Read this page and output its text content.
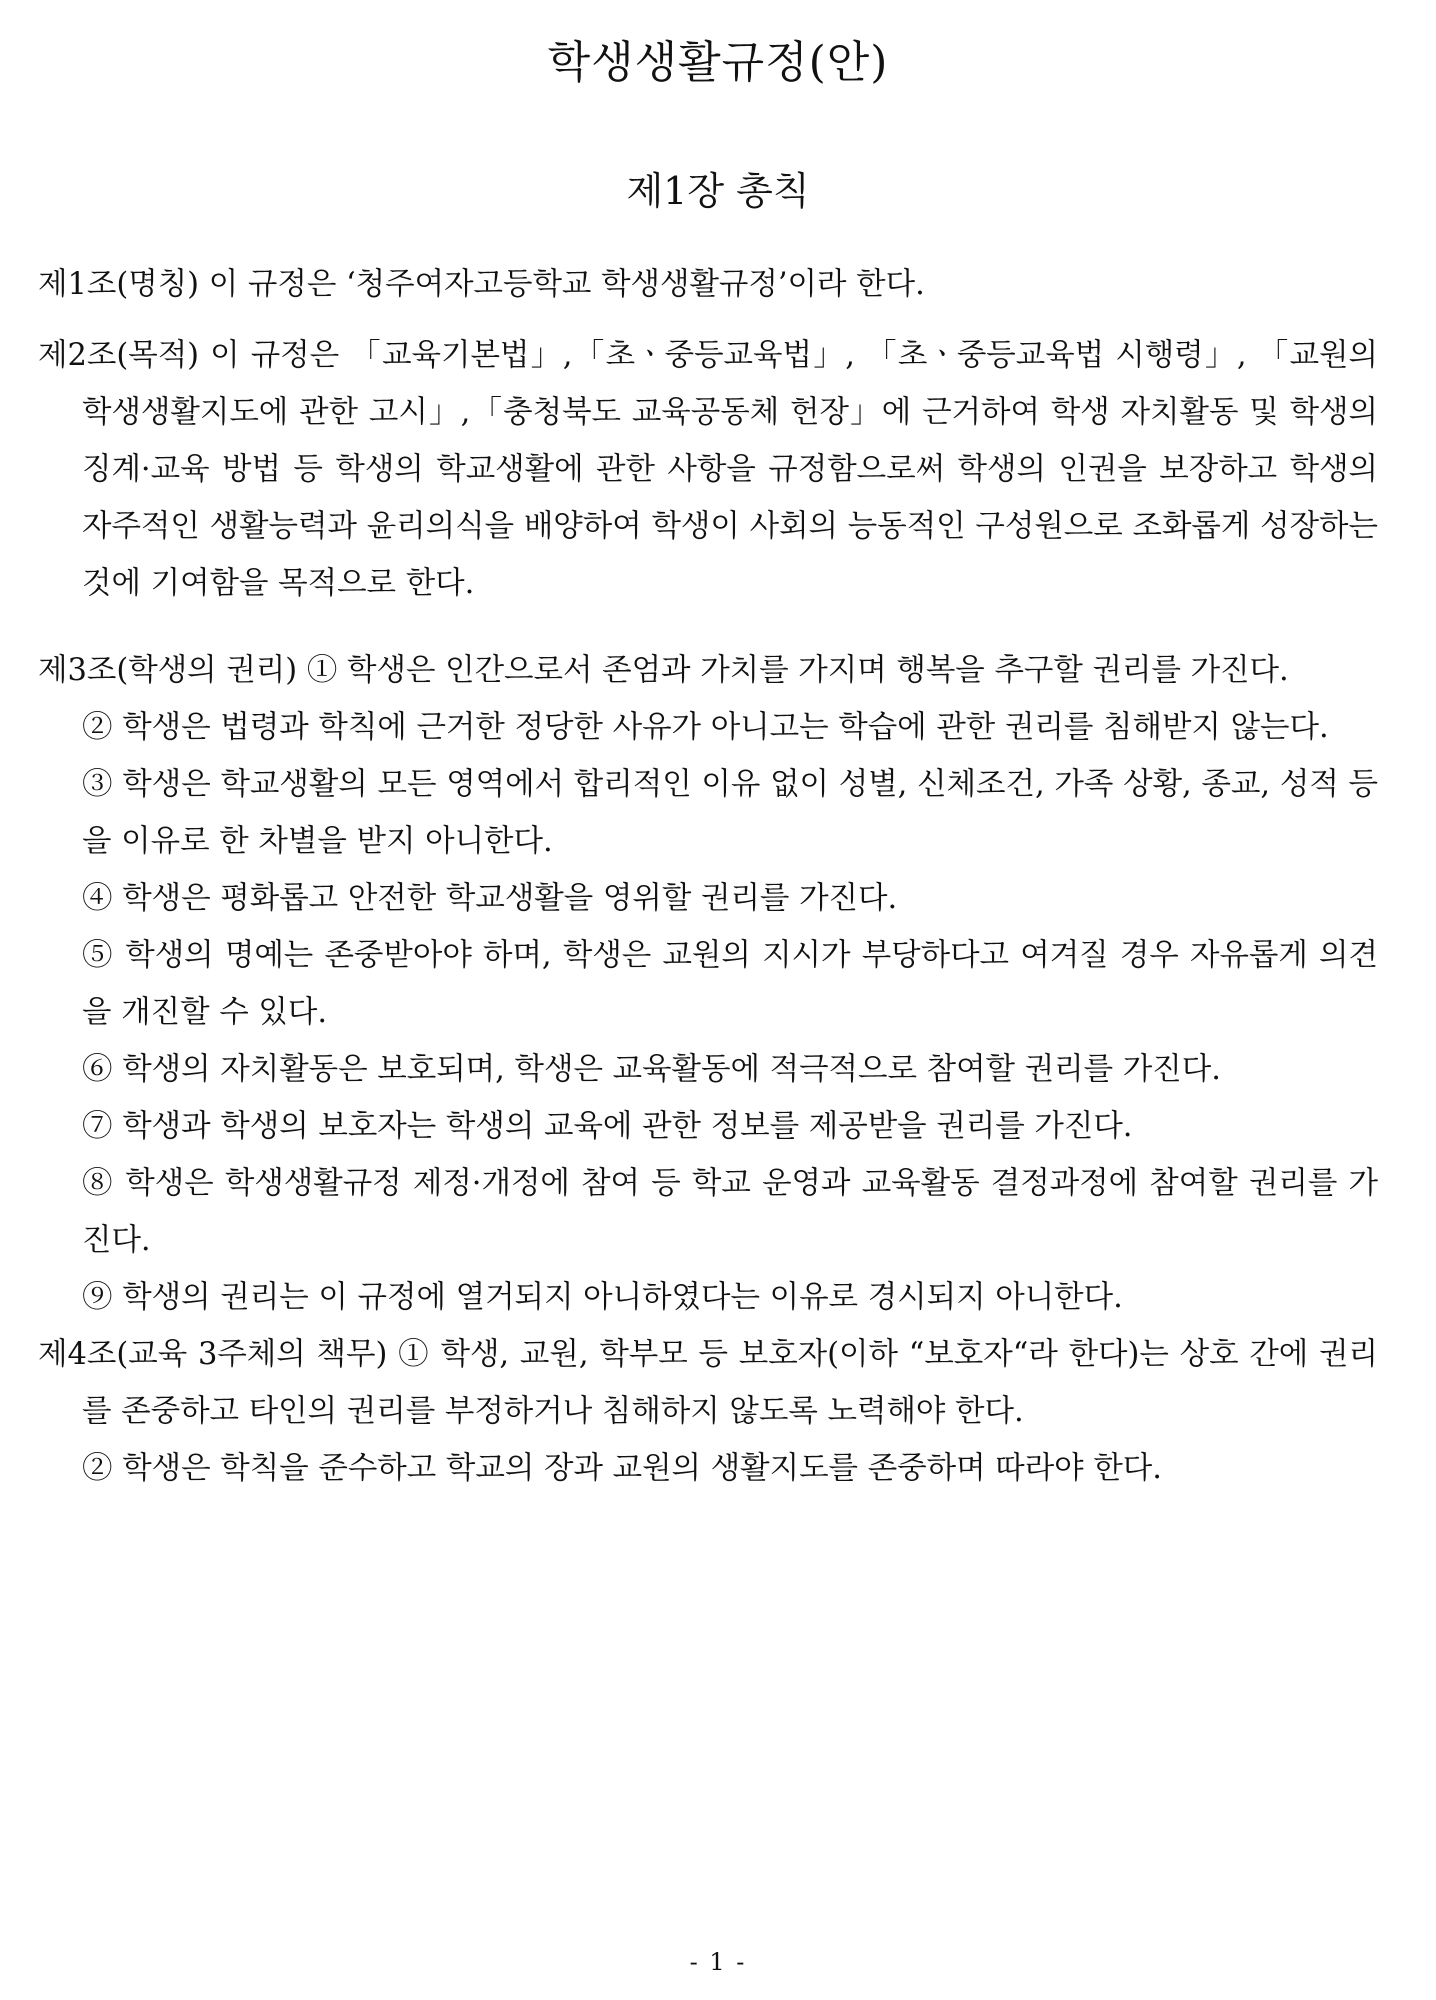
학생생활규정(안)
제1장 총칙

제1조(명칭) 이 규정은 ‘청주여자고등학교 학생생활규정’이라 한다.

제2조(목적) 이 규정은 「교육기본법」,「초ㆍ중등교육법」, 「초ㆍ중등교육법 시행령」, 「교원의 학생생활지도에 관한 고시」,「충청북도 교육공동체 헌장」에 근거하여 학생 자치활동 및 학생의 징계·교육 방법 등 학생의 학교생활에 관한 사항을 규정함으로써 학생의 인권을 보장하고 학생의 자주적인 생활능력과 윤리의식을 배양하여 학생이 사회의 능동적인 구성원으로 조화롭게 성장하는 것에 기여함을 목적으로 한다.

제3조(학생의 권리) ① 학생은 인간으로서 존엄과 가치를 가지며 행복을 추구할 권리를 가진다.

② 학생은 법령과 학칙에 근거한 정당한 사유가 아니고는 학습에 관한 권리를 침해받지 않는다.

③ 학생은 학교생활의 모든 영역에서 합리적인 이유 없이 성별, 신체조건, 가족 상황, 종교, 성적 등을 이유로 한 차별을 받지 아니한다.

④ 학생은 평화롭고 안전한 학교생활을 영위할 권리를 가진다.

⑤ 학생의 명예는 존중받아야 하며, 학생은 교원의 지시가 부당하다고 여겨질 경우 자유롭게 의견을 개진할 수 있다.

⑥ 학생의 자치활동은 보호되며, 학생은 교육활동에 적극적으로 참여할 권리를 가진다.

⑦ 학생과 학생의 보호자는 학생의 교육에 관한 정보를 제공받을 권리를 가진다.

⑧ 학생은 학생생활규정 제정·개정에 참여 등 학교 운영과 교육활동 결정과정에 참여할 권리를 가진다.

⑨ 학생의 권리는 이 규정에 열거되지 아니하였다는 이유로 경시되지 아니한다.

제4조(교육 3주체의 책무) ① 학생, 교원, 학부모 등 보호자(이하 “보호자“라 한다)는 상호 간에 권리를 존중하고 타인의 권리를 부정하거나 침해하지 않도록 노력해야 한다.

② 학생은 학칙을 준수하고 학교의 장과 교원의 생활지도를 존중하며 따라야 한다.

- 1 -
